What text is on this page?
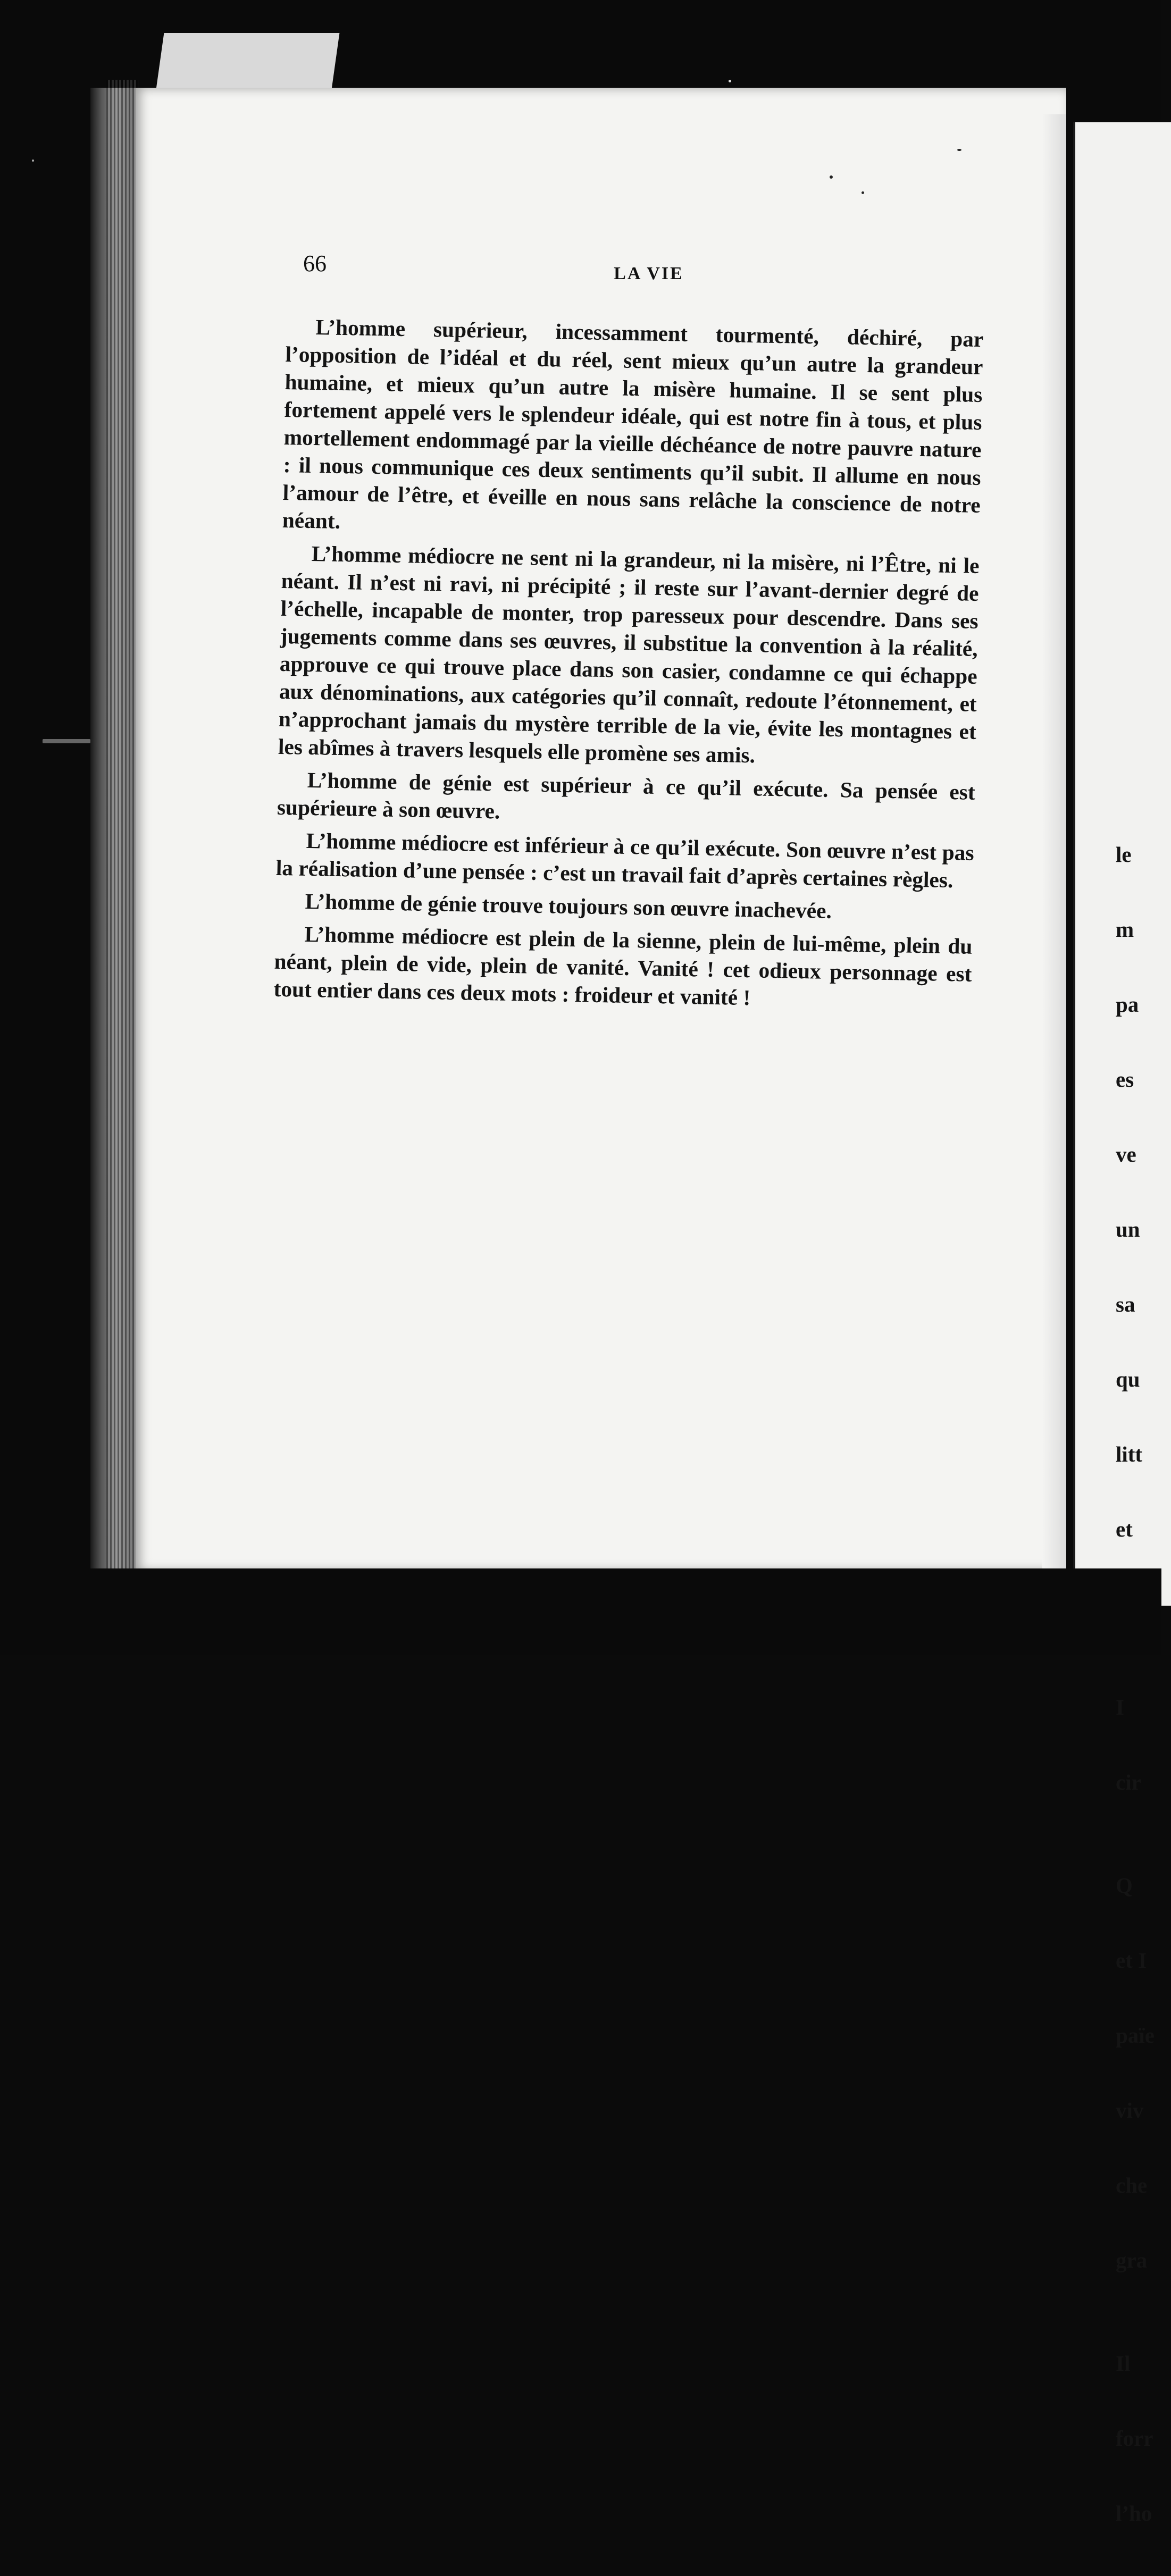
66	LA VIE

L’homme supérieur, incessamment tourmenté, déchiré, par l’opposition de l’idéal et du réel, sent mieux qu’un autre la grandeur humaine, et mieux qu’un autre la misère humaine. Il se sent plus fortement appelé vers le splendeur idéale, qui est notre fin à tous, et plus mortellement endommagé par la vieille déchéance de notre pauvre nature : il nous communique ces deux sentiments qu’il subit. Il allume en nous l’amour de l’être, et éveille en nous sans relâche la conscience de notre néant.

L’homme médiocre ne sent ni la grandeur, ni la misère, ni l’Être, ni le néant. Il n’est ni ravi, ni précipité ; il reste sur l’avant-dernier degré de l’échelle, incapable de monter, trop paresseux pour descendre. Dans ses jugements comme dans ses œuvres, il substitue la convention à la réalité, approuve ce qui trouve place dans son casier, condamne ce qui échappe aux dénominations, aux catégories qu’il connaît, redoute l’étonnement, et n’approchant jamais du mystère terrible de la vie, évite les montagnes et les abîmes à travers lesquels elle promène ses amis.

L’homme de génie est supérieur à ce qu’il exécute. Sa pensée est supérieure à son œuvre.

L’homme médiocre est inférieur à ce qu’il exécute. Son œuvre n’est pas la réalisation d’une pensée : c’est un travail fait d’après certaines règles.

L’homme de génie trouve toujours son œuvre inachevée.

L’homme médiocre est plein de la sienne, plein de lui-même, plein du néant, plein de vide, plein de vanité. Vanité ! cet odieux personnage est tout entier dans ces deux mots : froideur et vanité !

le

m

pa

es

ve

un

sa

qu

litt

et

I

cir

Q

et I

païe

viv

che

gra

Il

forr

l’ho
